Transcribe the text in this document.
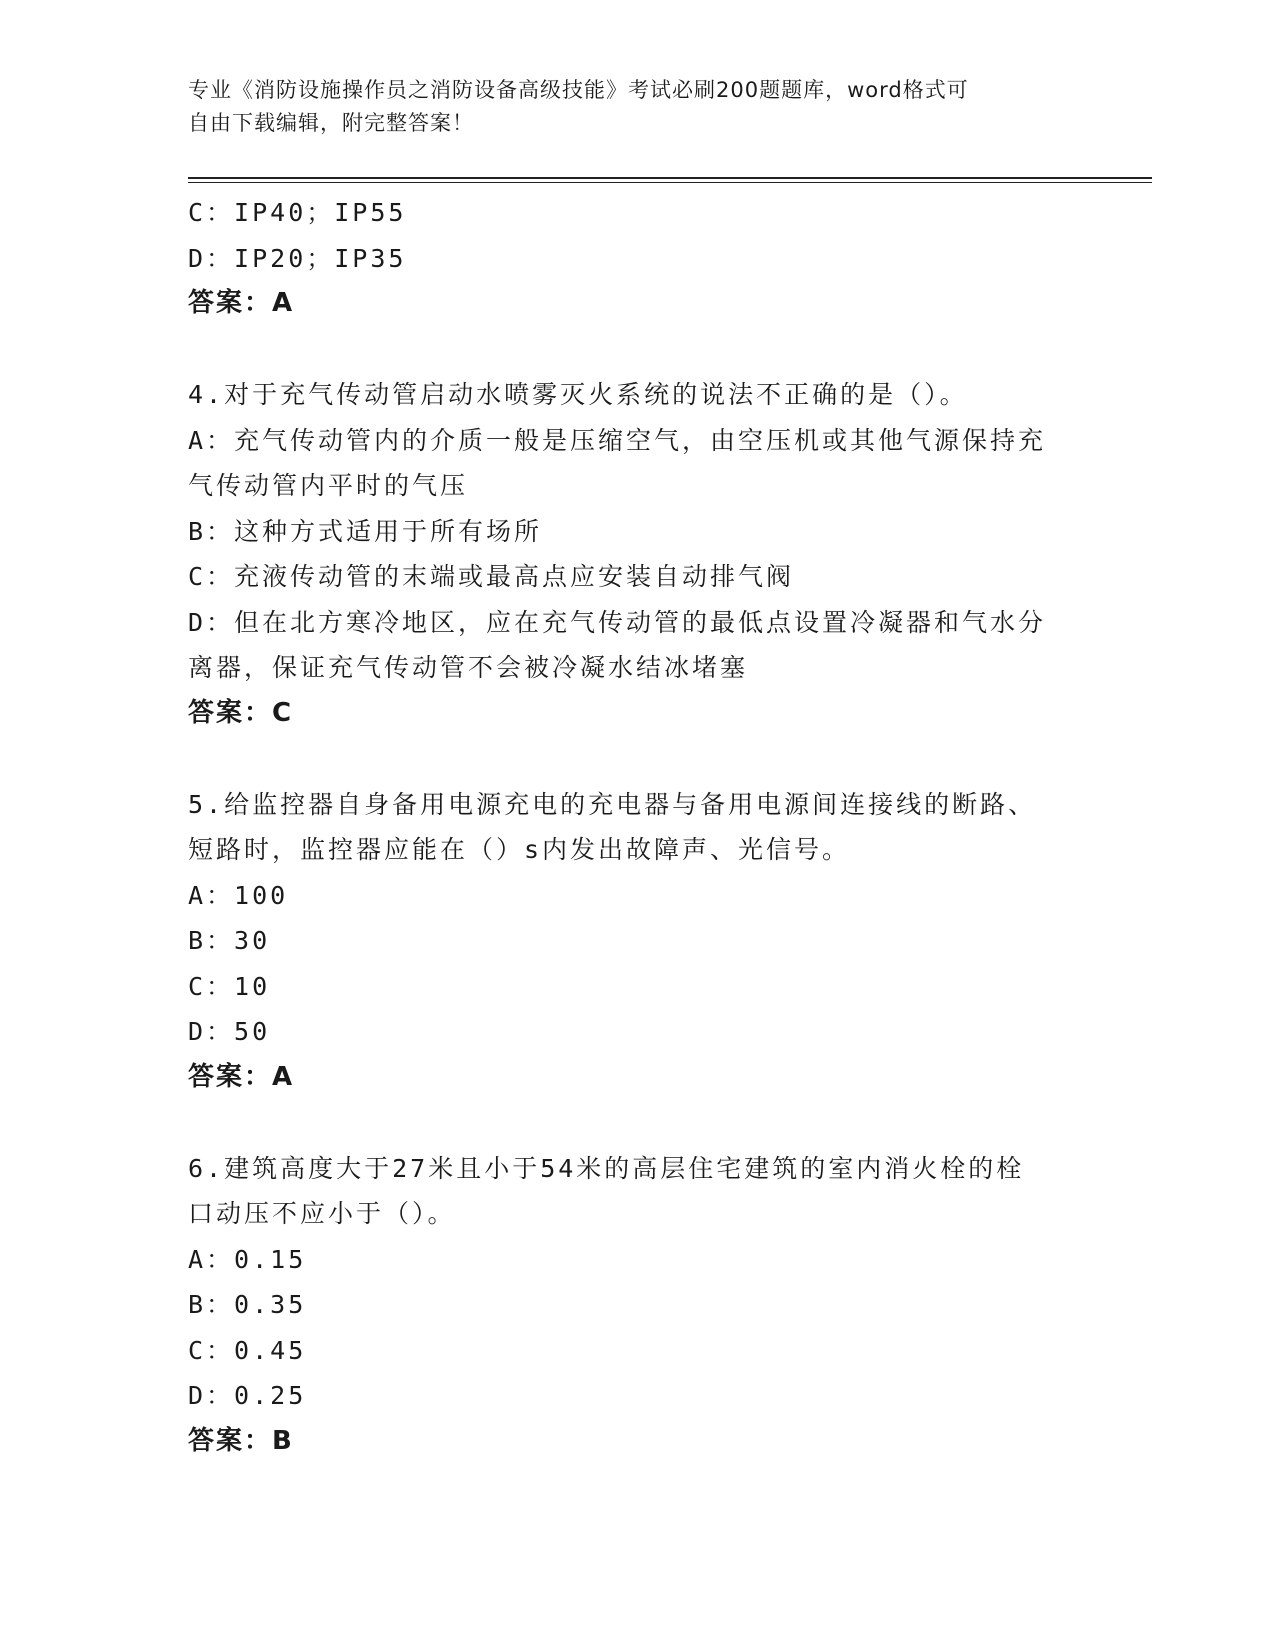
专业《消防设施操作员之消防设备高级技能》考试必刷200题题库，word格式可
自由下载编辑，附完整答案！
C：IP40；IP55
D：IP20；IP35
答案：A
4.对于充气传动管启动水喷雾灭火系统的说法不正确的是（）。
A：充气传动管内的介质一般是压缩空气，由空压机或其他气源保持充
气传动管内平时的气压
B：这种方式适用于所有场所
C：充液传动管的末端或最高点应安装自动排气阀
D：但在北方寒冷地区，应在充气传动管的最低点设置冷凝器和气水分
离器，保证充气传动管不会被冷凝水结冰堵塞
答案：C
5.给监控器自身备用电源充电的充电器与备用电源间连接线的断路、
短路时，监控器应能在（）s内发出故障声、光信号。
A：100
B：30
C：10
D：50
答案：A
6.建筑高度大于27米且小于54米的高层住宅建筑的室内消火栓的栓
口动压不应小于（）。
A：0.15
B：0.35
C：0.45
D：0.25
答案：B
